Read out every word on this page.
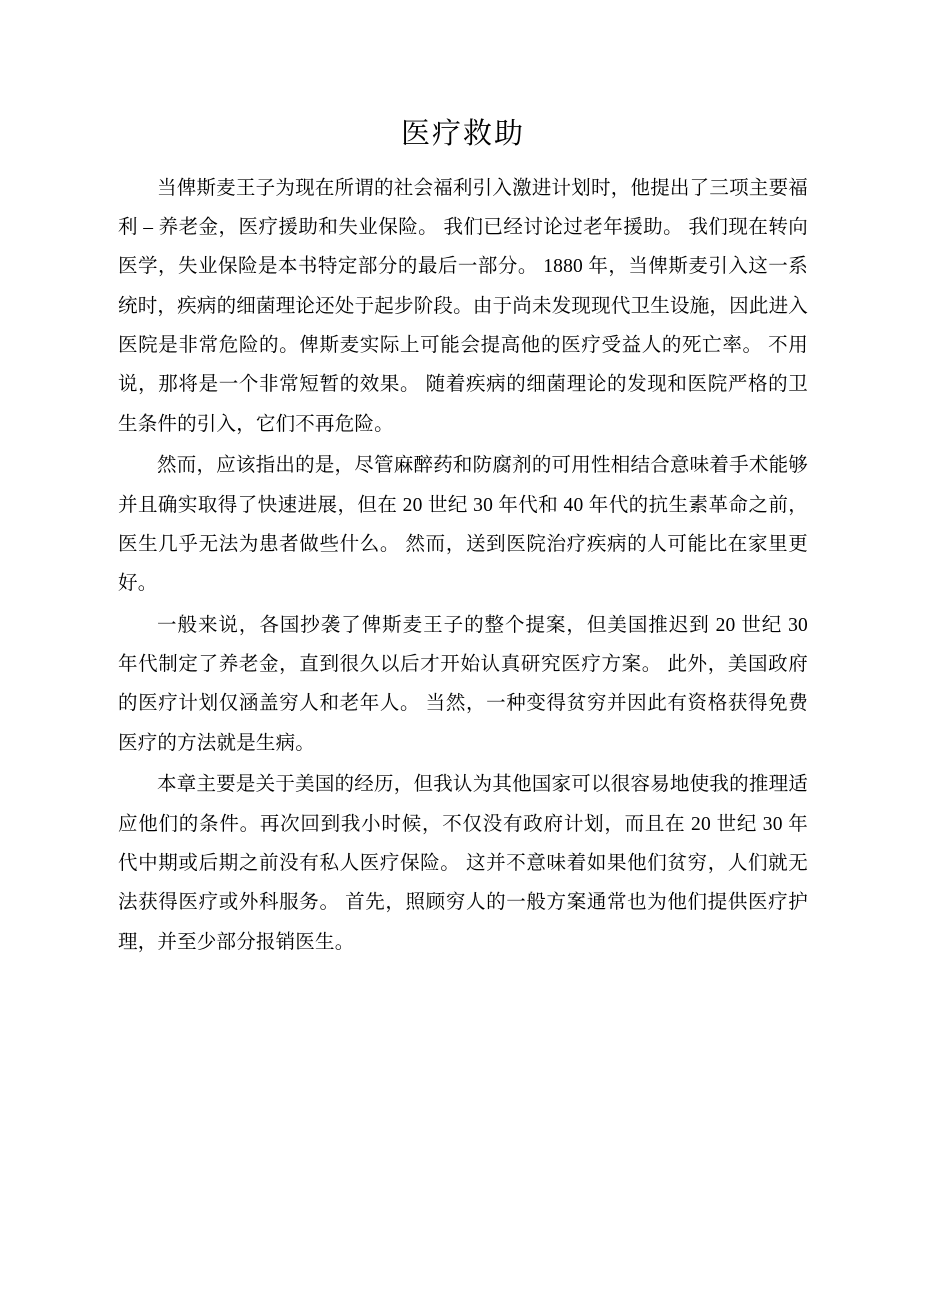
医疗救助

当俾斯麦王子为现在所谓的社会福利引入激进计划时，他提出了三项主要福利 – 养老金，医疗援助和失业保险。 我们已经讨论过老年援助。 我们现在转向医学，失业保险是本书特定部分的最后一部分。 1880 年，当俾斯麦引入这一系统时，疾病的细菌理论还处于起步阶段。由于尚未发现现代卫生设施，因此进入医院是非常危险的。俾斯麦实际上可能会提高他的医疗受益人的死亡率。 不用说，那将是一个非常短暂的效果。 随着疾病的细菌理论的发现和医院严格的卫生条件的引入，它们不再危险。

然而，应该指出的是，尽管麻醉药和防腐剂的可用性相结合意味着手术能够并且确实取得了快速进展，但在 20 世纪 30 年代和 40 年代的抗生素革命之前，医生几乎无法为患者做些什么。 然而，送到医院治疗疾病的人可能比在家里更好。

一般来说，各国抄袭了俾斯麦王子的整个提案，但美国推迟到 20 世纪 30 年代制定了养老金，直到很久以后才开始认真研究医疗方案。 此外，美国政府的医疗计划仅涵盖穷人和老年人。 当然，一种变得贫穷并因此有资格获得免费医疗的方法就是生病。

本章主要是关于美国的经历，但我认为其他国家可以很容易地使我的推理适应他们的条件。再次回到我小时候，不仅没有政府计划，而且在 20 世纪 30 年代中期或后期之前没有私人医疗保险。 这并不意味着如果他们贫穷，人们就无法获得医疗或外科服务。 首先，照顾穷人的一般方案通常也为他们提供医疗护理，并至少部分报销医生。
